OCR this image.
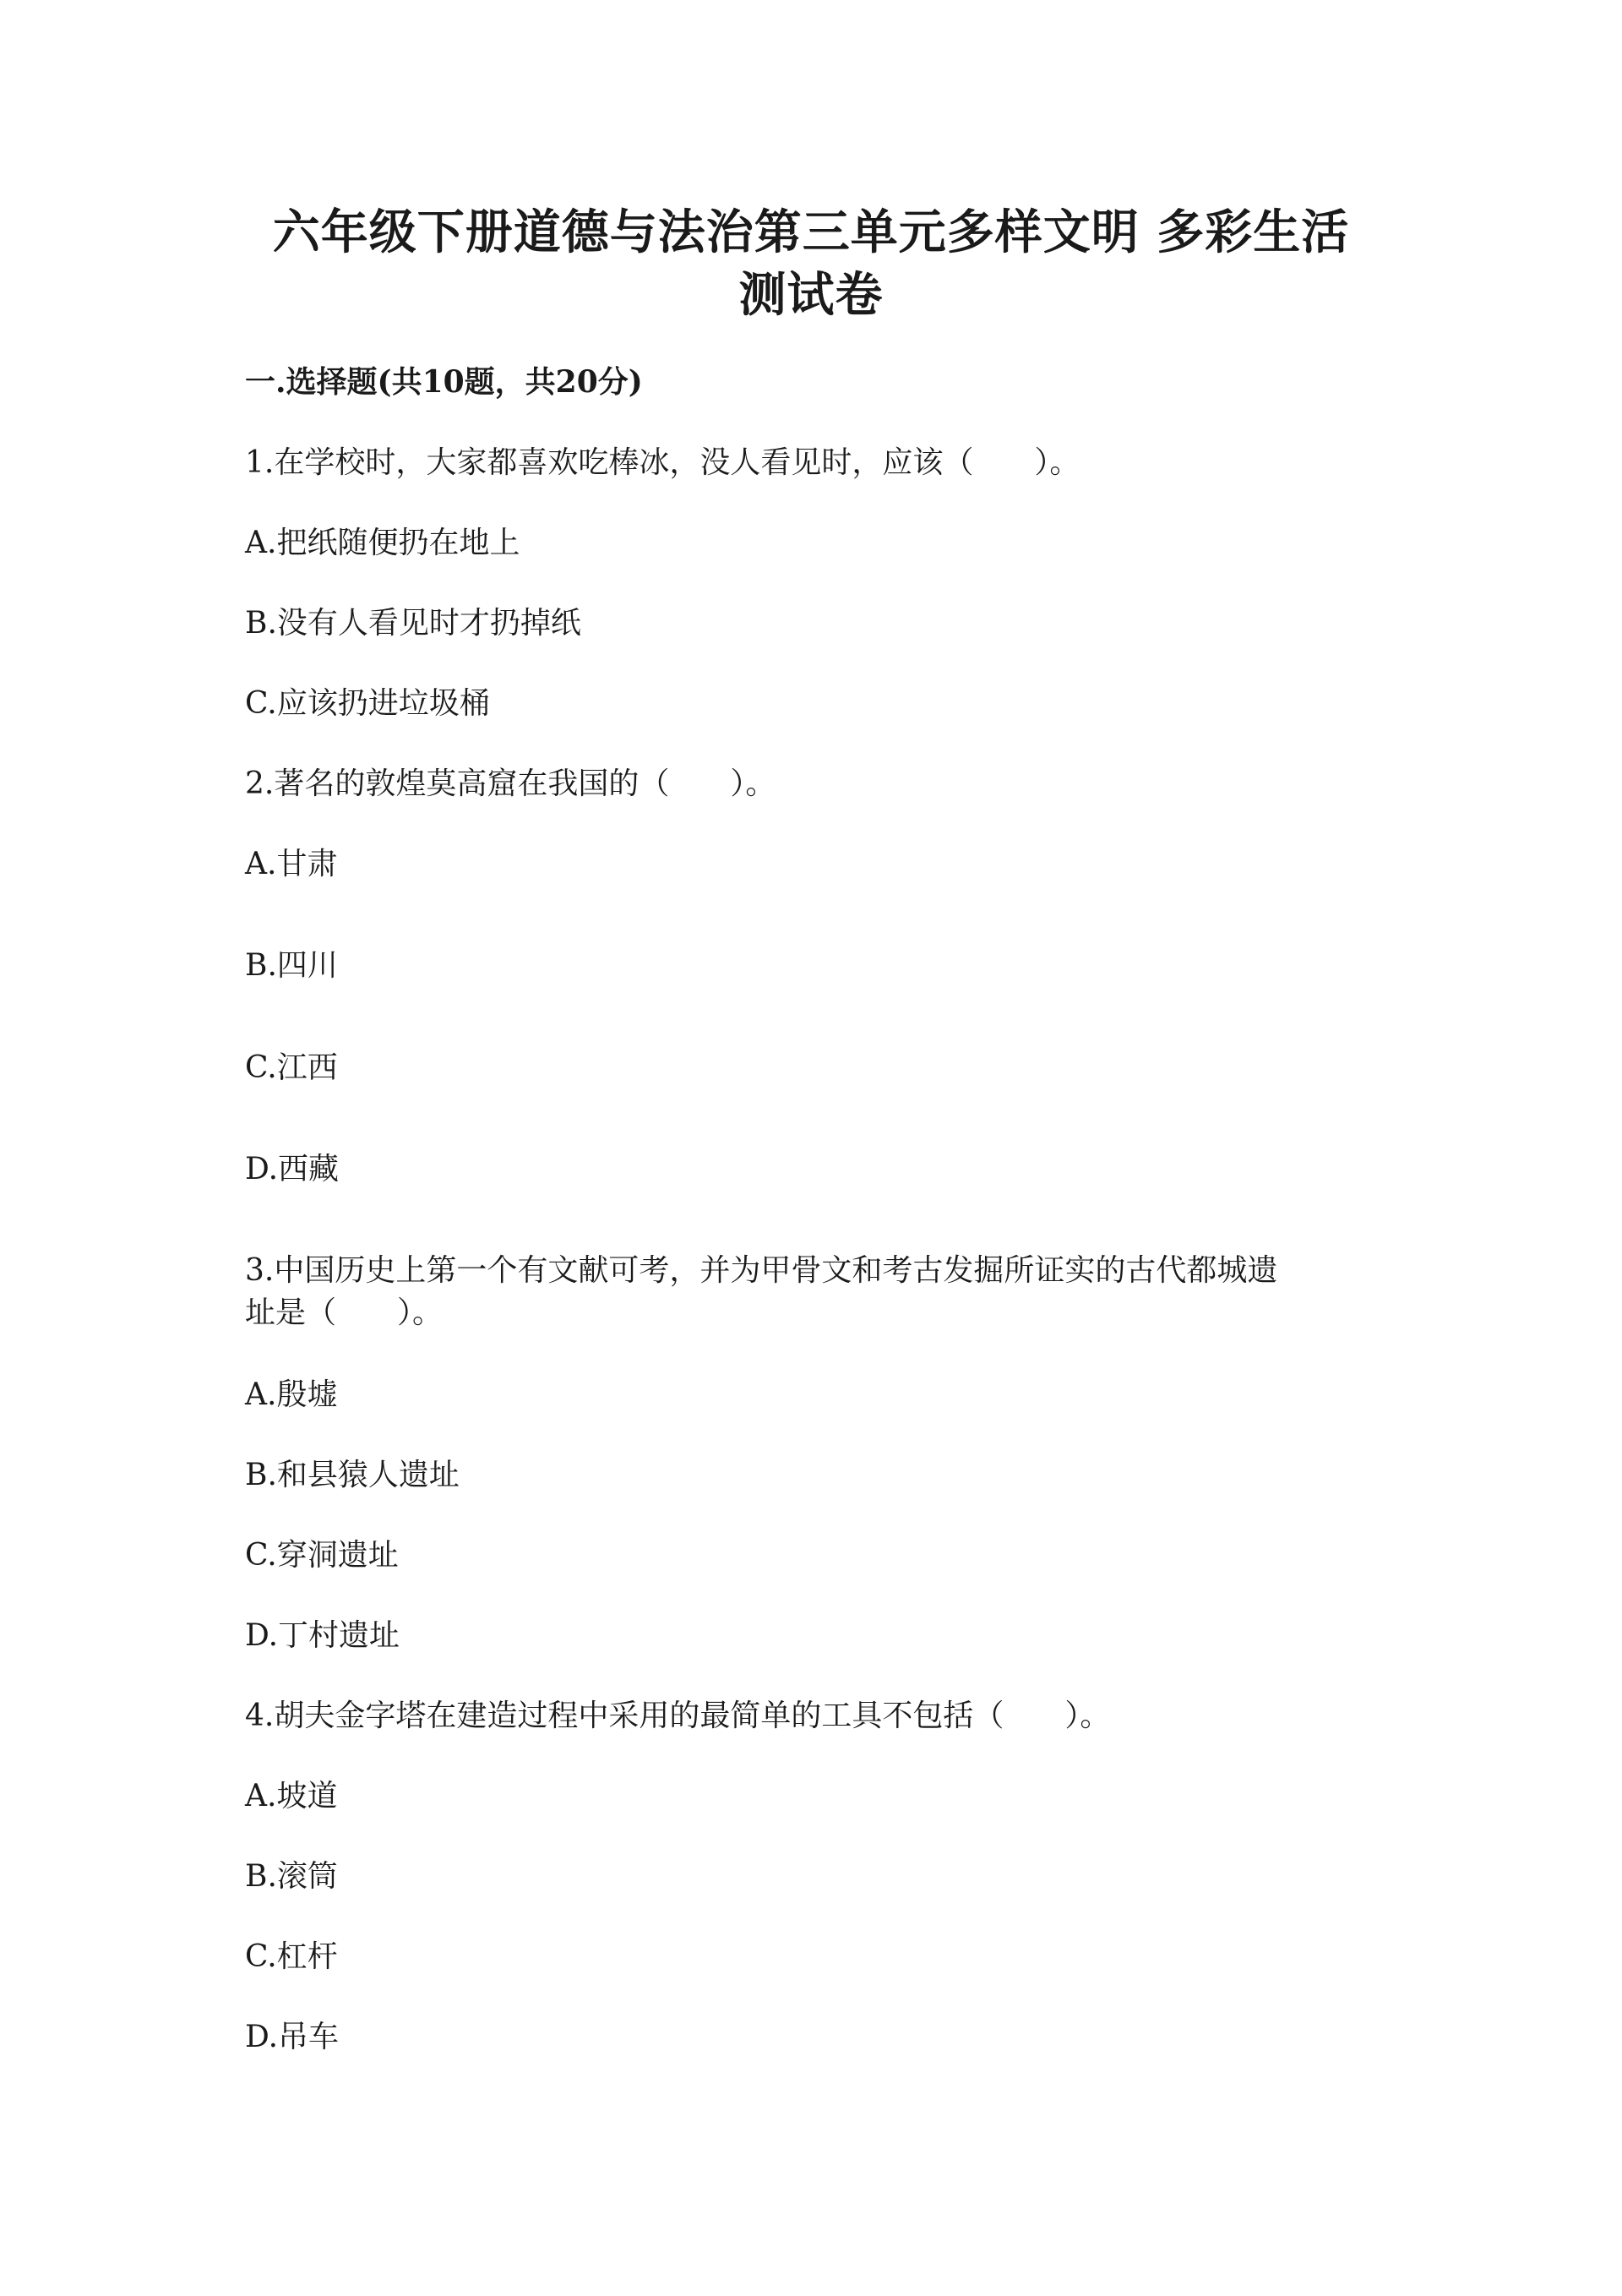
六年级下册道德与法治第三单元多样文明 多彩生活
测试卷
一.选择题(共10题，共20分)
1.在学校时，大家都喜欢吃棒冰，没人看见时，应该（　　）。
A.把纸随便扔在地上
B.没有人看见时才扔掉纸
C.应该扔进垃圾桶
2.著名的敦煌莫高窟在我国的（　　）。
A.甘肃
B.四川
C.江西
D.西藏
3.中国历史上第一个有文献可考，并为甲骨文和考古发掘所证实的古代都城遗
址是（　　）。
A.殷墟
B.和县猿人遗址
C.穿洞遗址
D.丁村遗址
4.胡夫金字塔在建造过程中采用的最简单的工具不包括（　　）。
A.坡道
B.滚筒
C.杠杆
D.吊车
